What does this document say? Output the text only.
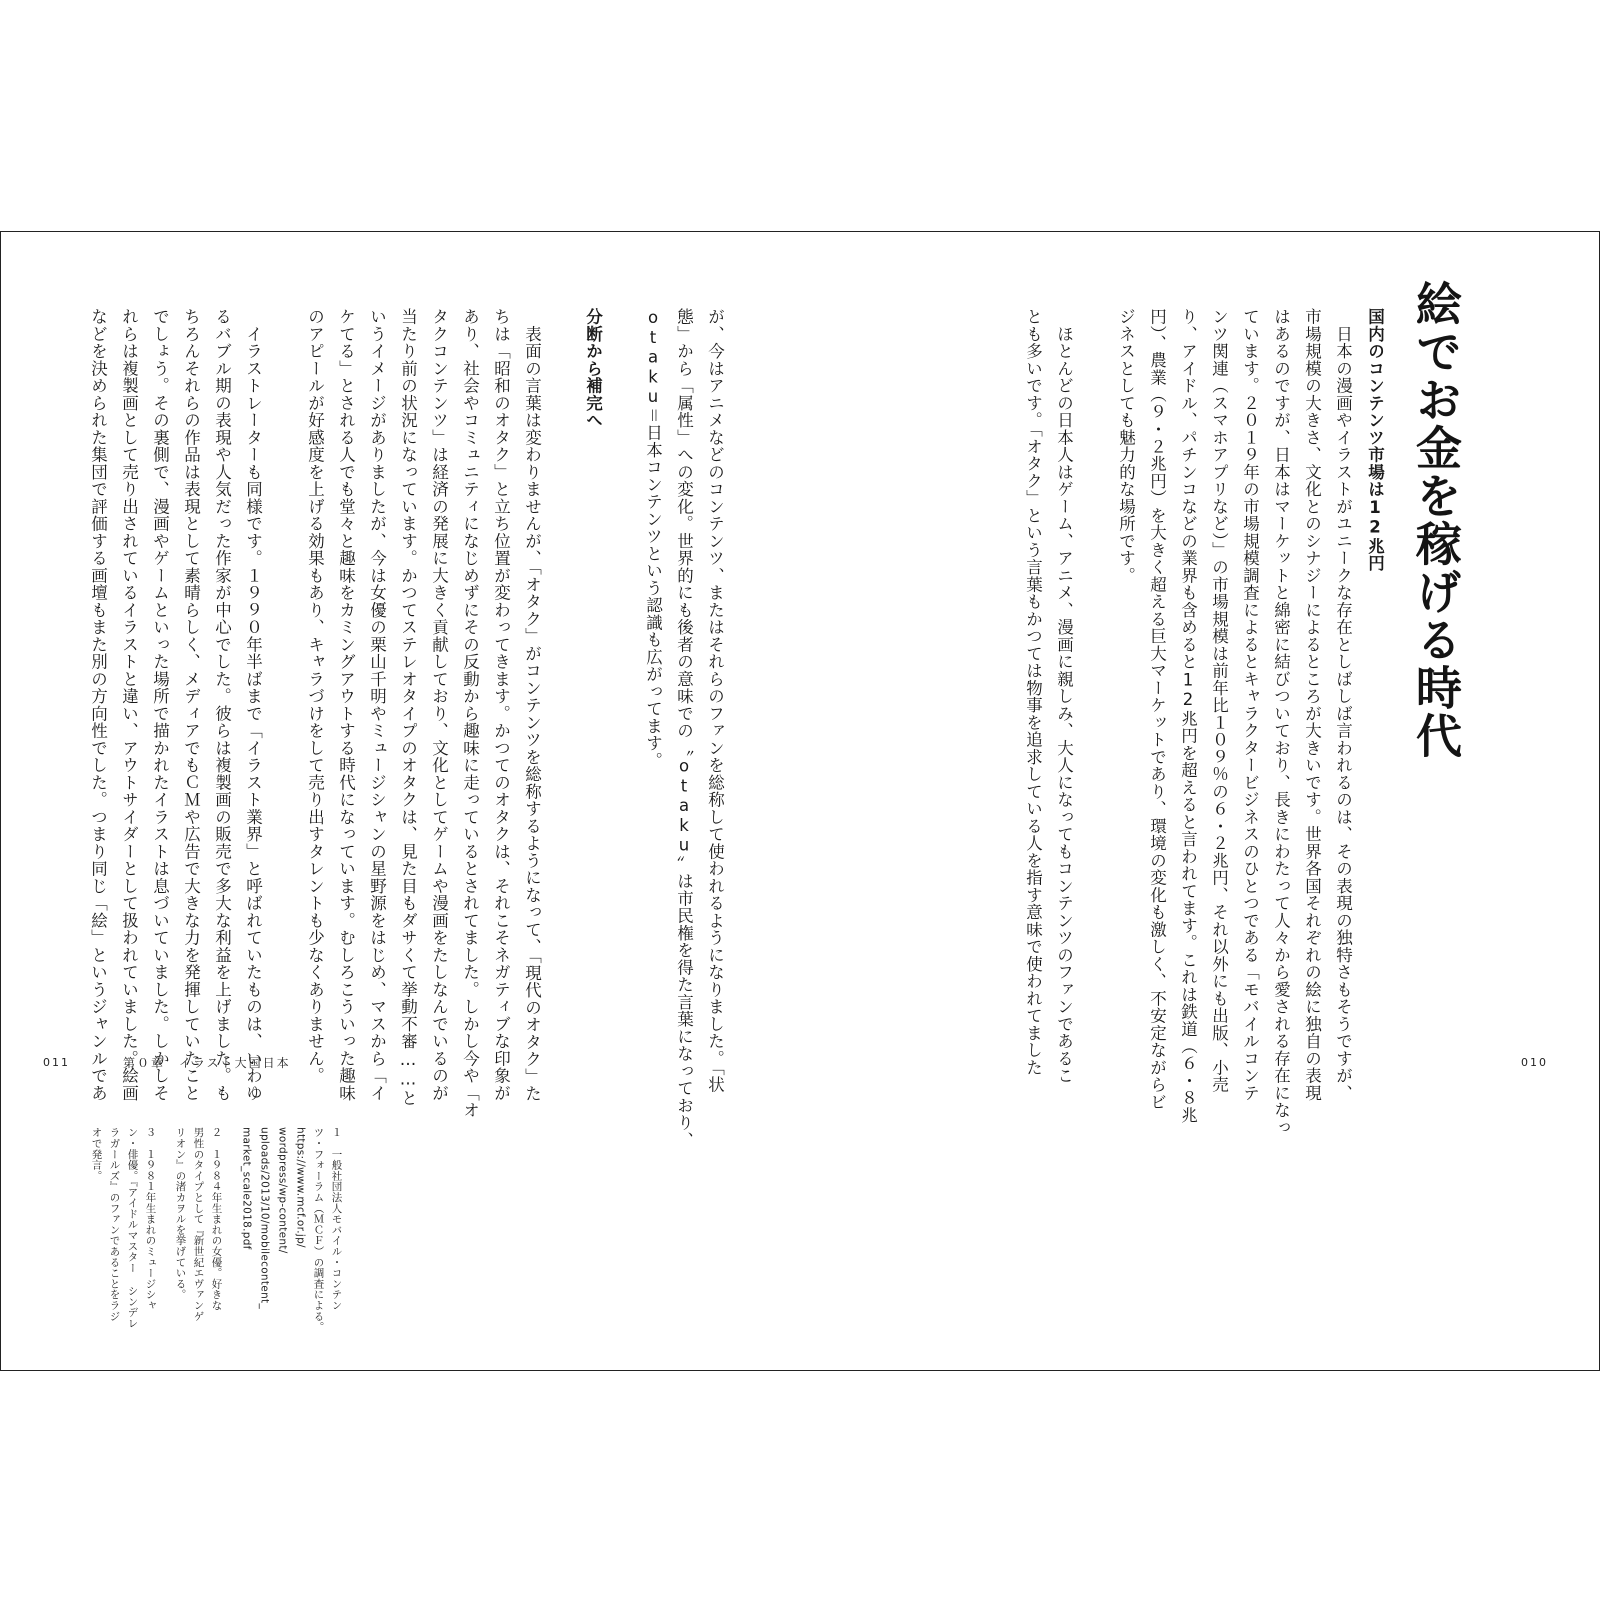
絵でお金を稼げる時代
国内のコンテンツ市場は12兆円
　日本の漫画やイラストがユニークな存在としばしば言われるのは、その表現の独特さもそうですが、
市場規模の大きさ、文化とのシナジーによるところが大きいです。世界各国それぞれの絵に独自の表現
はあるのですが、日本はマーケットと綿密に結びついており、長きにわたって人々から愛される存在になっ
ています。２０１９年の市場規模調査によるとキャラクタービジネスのひとつである「モバイルコンテ
ンツ関連（スマホアプリなど）」の市場規模は前年比１０９％の６・２兆円、それ以外にも出版、小売
り、アイドル、パチンコなどの業界も含めると12兆円を超えると言われてます。これは鉄道（６・８兆
円）、農業（９・２兆円）を大きく超える巨大マーケットであり、環境の変化も激しく、不安定ながらビ
ジネスとしても魅力的な場所です。
　ほとんどの日本人はゲーム、アニメ、漫画に親しみ、大人になってもコンテンツのファンであるこ
とも多いです。「オタク」という言葉もかつては物事を追求している人を指す意味で使われてました	010
が、今はアニメなどのコンテンツ、またはそれらのファンを総称して使われるようになりました。「状
態」から「属性」への変化。世界的にも後者の意味での〝otaku〟は市民権を得た言葉になっており、
otaku＝日本コンテンツという認識も広がってます。
分断から補完へ
　表面の言葉は変わりませんが、「オタク」がコンテンツを総称するようになって、「現代のオタク」た
ちは「昭和のオタク」と立ち位置が変わってきます。かつてのオタクは、それこそネガティブな印象が
あり、社会やコミュニティになじめずにその反動から趣味に走っているとされてました。しかし今や「オ
タクコンテンツ」は経済の発展に大きく貢献しており、文化としてゲームや漫画をたしなんでいるのが
当たり前の状況になっています。かつてステレオタイプのオタクは、見た目もダサくて挙動不審……と
いうイメージがありましたが、今は女優の栗山千明やミュージシャンの星野源をはじめ、マスから「イ
ケてる」とされる人でも堂々と趣味をカミングアウトする時代になっています。むしろこういった趣味
のアピールが好感度を上げる効果もあり、キャラづけをして売り出すタレントも少なくありません。
　イラストレーターも同様です。１９９０年半ばまで「イラスト業界」と呼ばれていたものは、いわゆ
るバブル期の表現や人気だった作家が中心でした。彼らは複製画の販売で多大な利益を上げました。も
ちろんそれらの作品は表現として素晴らしく、メディアでもＣＭや広告で大きな力を発揮していたこと
でしょう。その裏側で、漫画やゲームといった場所で描かれたイラストは息づいていました。しかしそ
れらは複製画として売り出されているイラストと違い、アウトサイダーとして扱われていました。絵画
などを決められた集団で評価する画壇もまた別の方向性でした。つまり同じ「絵」というジャンルであ
011	第０章　イラスト大国日本
１　一般社団法人モバイル・コンテン
ツ・フォーラム（ＭＣＦ）の調査による。
https://www.mcf.or.jp/
wordpress/wp-content/
uploads/2013/10/mobilecontent_
market_scale2018.pdf
２　１９８４年生まれの女優。好きな
男性のタイプとして『新世紀エヴァンゲ
リオン』の渚カヲルを挙げている。
３　１９８１年生まれのミュージシャ
ン・俳優。『アイドルマスター シンデレ
ラガールズ』のファンであることをラジ
オで発言。
